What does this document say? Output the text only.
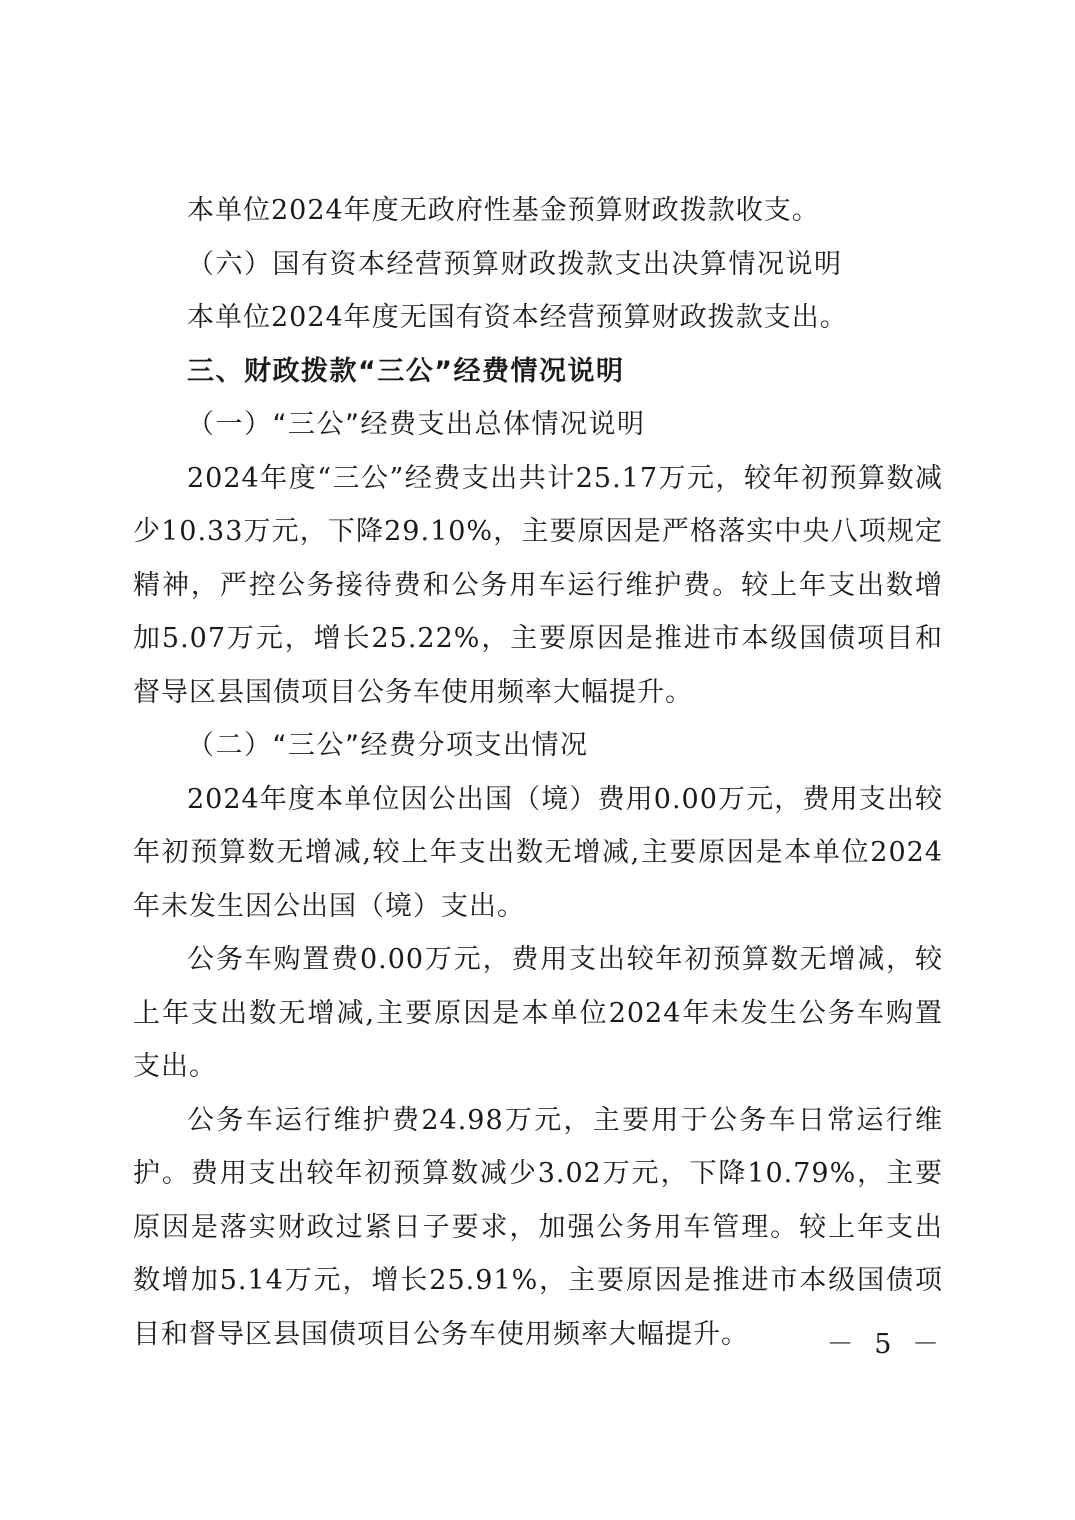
本单位2024年度无政府性基金预算财政拨款收支。

（六）国有资本经营预算财政拨款支出决算情况说明

本单位2024年度无国有资本经营预算财政拨款支出。

三、财政拨款“三公”经费情况说明

（一）“三公”经费支出总体情况说明

2024年度“三公”经费支出共计25.17万元，较年初预算数减少10.33万元，下降29.10%，主要原因是严格落实中央八项规定精神，严控公务接待费和公务用车运行维护费。较上年支出数增加5.07万元，增长25.22%，主要原因是推进市本级国债项目和督导区县国债项目公务车使用频率大幅提升。

（二）“三公”经费分项支出情况

2024年度本单位因公出国（境）费用0.00万元，费用支出较年初预算数无增减,较上年支出数无增减,主要原因是本单位2024年未发生因公出国（境）支出。

公务车购置费0.00万元，费用支出较年初预算数无增减，较上年支出数无增减,主要原因是本单位2024年未发生公务车购置支出。

公务车运行维护费24.98万元，主要用于公务车日常运行维护。费用支出较年初预算数减少3.02万元，下降10.79%，主要原因是落实财政过紧日子要求，加强公务用车管理。较上年支出数增加5.14万元，增长25.91%，主要原因是推进市本级国债项目和督导区县国债项目公务车使用频率大幅提升。	－ 5 －
